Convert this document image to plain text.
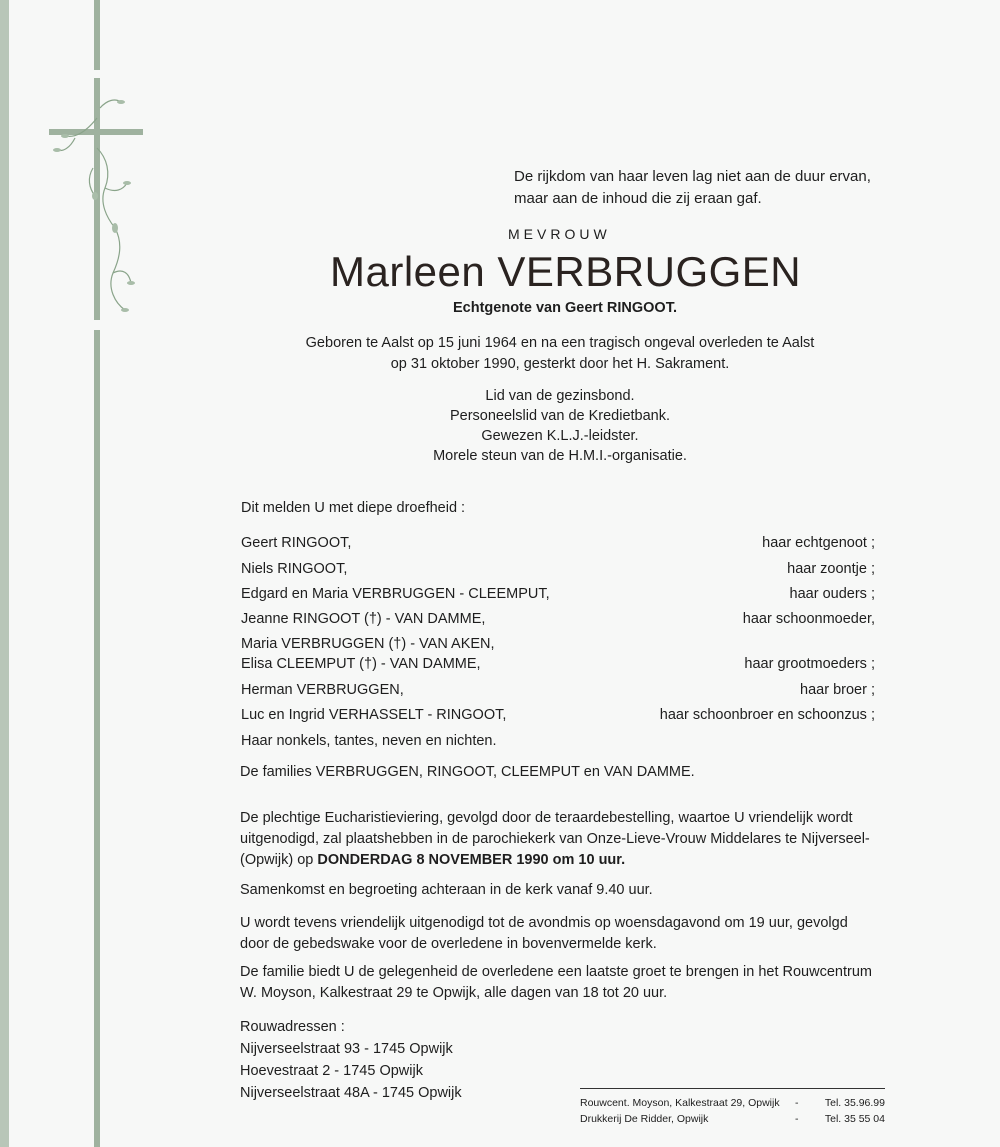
De rijkdom van haar leven lag niet aan de duur ervan,
maar aan de inhoud die zij eraan gaf.
MEVROUW
Marleen VERBRUGGEN
Echtgenote van Geert RINGOOT.
Geboren te Aalst op 15 juni 1964 en na een tragisch ongeval overleden te Aalst
op 31 oktober 1990, gesterkt door het H. Sakrament.
Lid van de gezinsbond.
Personeelslid van de Kredietbank.
Gewezen K.L.J.-leidster.
Morele steun van de H.M.I.-organisatie.
Dit melden U met diepe droefheid :
Geert RINGOOT,	haar echtgenoot ;
Niels RINGOOT,	haar zoontje ;
Edgard en Maria VERBRUGGEN - CLEEMPUT,	haar ouders ;
Jeanne RINGOOT (†) - VAN DAMME,	haar schoonmoeder,
Maria VERBRUGGEN (†) - VAN AKEN,
Elisa CLEEMPUT (†) - VAN DAMME,	haar grootmoeders ;
Herman VERBRUGGEN,	haar broer ;
Luc en Ingrid VERHASSELT - RINGOOT,	haar schoonbroer en schoonzus ;
Haar nonkels, tantes, neven en nichten.
De families VERBRUGGEN, RINGOOT, CLEEMPUT en VAN DAMME.
De plechtige Eucharistieviering, gevolgd door de teraardebestelling, waartoe U vriendelijk wordt
uitgenodigd, zal plaatshebben in de parochiekerk van Onze-Lieve-Vrouw Middelares te Nijverseel-
(Opwijk) op DONDERDAG 8 NOVEMBER 1990 om 10 uur.
Samenkomst en begroeting achteraan in de kerk vanaf 9.40 uur.
U wordt tevens vriendelijk uitgenodigd tot de avondmis op woensdagavond om 19 uur, gevolgd
door de gebedswake voor de overledene in bovenvermelde kerk.
De familie biedt U de gelegenheid de overledene een laatste groet te brengen in het Rouwcentrum
W. Moyson, Kalkestraat 29 te Opwijk, alle dagen van 18 tot 20 uur.
Rouwadressen :
Nijverseelstraat 93 - 1745 Opwijk
Hoevestraat 2 - 1745 Opwijk
Nijverseelstraat 48A - 1745 Opwijk
Rouwcent. Moyson, Kalkestraat 29, Opwijk -	Tel. 35.96.99
Drukkerij De Ridder, Opwijk	-	Tel. 35 55 04
